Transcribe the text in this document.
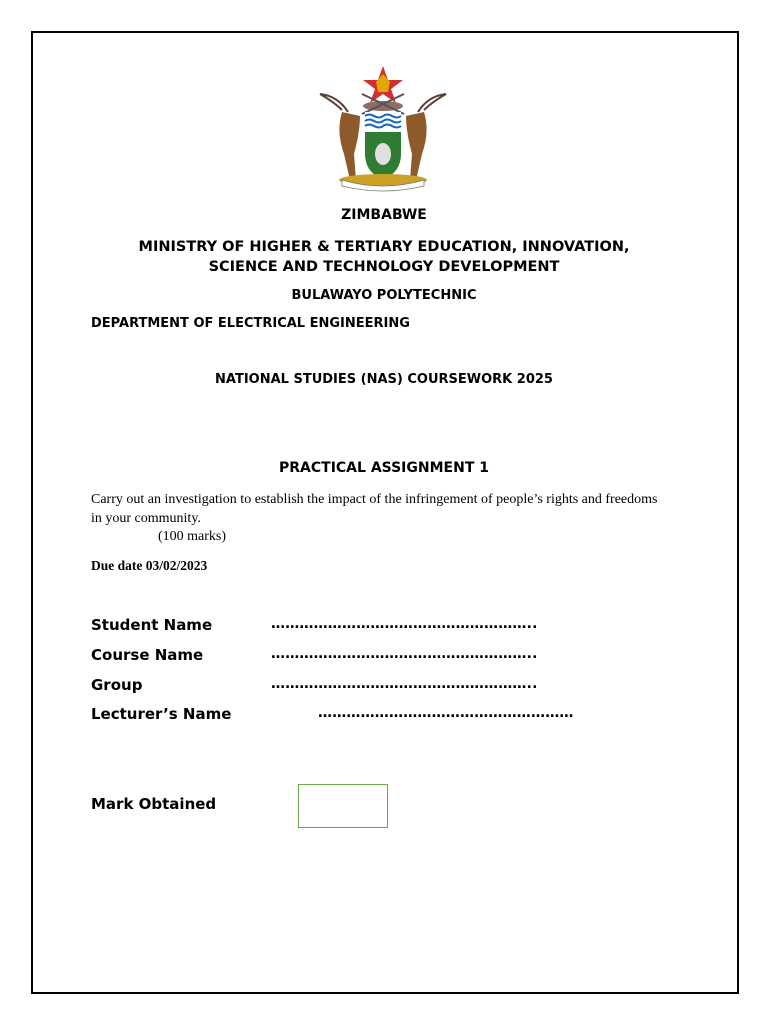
ZIMBABWE
MINISTRY OF HIGHER & TERTIARY EDUCATION, INNOVATION,
SCIENCE AND TECHNOLOGY DEVELOPMENT
BULAWAYO POLYTECHNIC
DEPARTMENT OF ELECTRICAL ENGINEERING
NATIONAL STUDIES (NAS) COURSEWORK 2025
PRACTICAL ASSIGNMENT 1
Carry out an investigation to establish the impact of the infringement of people’s rights and freedoms in your community.
(100 marks)
Due date 03/02/2023
Student Name	………………………………………………..
Course Name	………………………………………………..
Group	………………………………………………..
Lecturer’s Name	………………………………………………
Mark Obtained
